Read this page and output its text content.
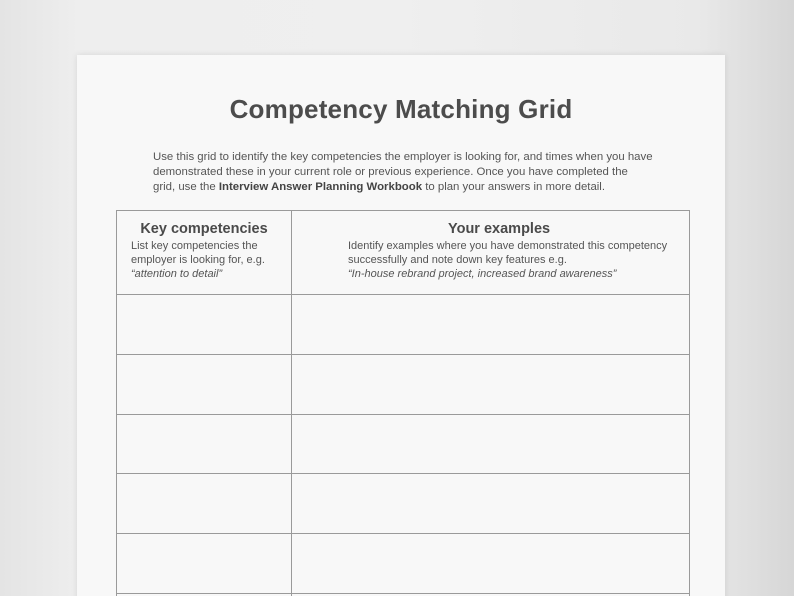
Competency Matching Grid

Use this grid to identify the key competencies the employer is looking for, and times when you have demonstrated these in your current role or previous experience. Once you have completed the grid, use the Interview Answer Planning Workbook to plan your answers in more detail.

Key competencies

List key competencies the employer is looking for, e.g.

“attention to detail”

Your examples

Identify examples where you have demonstrated this competency successfully and note down key features e.g.

“In-house rebrand project, increased brand awareness”
